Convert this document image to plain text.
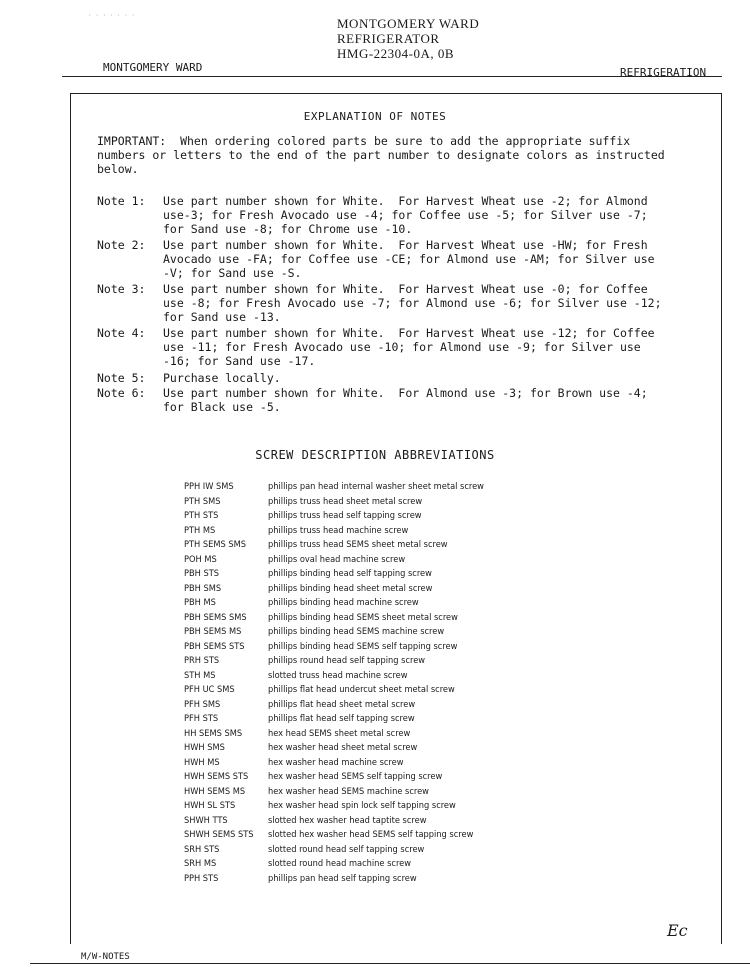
· · · · · · ·
MONTGOMERY WARD
REFRIGERATOR
HMG-22304-0A, 0B
MONTGOMERY WARD	REFRIGERATION
EXPLANATION OF NOTES
IMPORTANT:  When ordering colored parts be sure to add the appropriate suffix
numbers or letters to the end of the part number to designate colors as instructed
below.
Note 1: Use part number shown for White.  For Harvest Wheat use -2; for Almond
use-3; for Fresh Avocado use -4; for Coffee use -5; for Silver use -7;
for Sand use -8; for Chrome use -10.
Note 2: Use part number shown for White.  For Harvest Wheat use -HW; for Fresh
Avocado use -FA; for Coffee use -CE; for Almond use -AM; for Silver use
-V; for Sand use -S.
Note 3: Use part number shown for White.  For Harvest Wheat use -0; for Coffee
use -8; for Fresh Avocado use -7; for Almond use -6; for Silver use -12;
for Sand use -13.
Note 4: Use part number shown for White.  For Harvest Wheat use -12; for Coffee
use -11; for Fresh Avocado use -10; for Almond use -9; for Silver use
-16; for Sand use -17.
Note 5: Purchase locally.
Note 6: Use part number shown for White.  For Almond use -3; for Brown use -4;
for Black use -5.
SCREW DESCRIPTION ABBREVIATIONS
PPH IW SMS	phillips pan head internal washer sheet metal screw
PTH SMS	phillips truss head sheet metal screw
PTH STS	phillips truss head self tapping screw
PTH MS	phillips truss head machine screw
PTH SEMS SMS phillips truss head SEMS sheet metal screw
POH MS	phillips oval head machine screw
PBH STS	phillips binding head self tapping screw
PBH SMS	phillips binding head sheet metal screw
PBH MS	phillips binding head machine screw
PBH SEMS SMS phillips binding head SEMS sheet metal screw
PBH SEMS MS	phillips binding head SEMS machine screw
PBH SEMS STS	phillips binding head SEMS self tapping screw
PRH STS	phillips round head self tapping screw
STH MS	slotted truss head machine screw
PFH UC SMS	phillips flat head undercut sheet metal screw
PFH SMS	phillips flat head sheet metal screw
PFH STS	phillips flat head self tapping screw
HH SEMS SMS	hex head SEMS sheet metal screw
HWH SMS	hex washer head sheet metal screw
HWH MS	hex washer head machine screw
HWH SEMS STS hex washer head SEMS self tapping screw
HWH SEMS MS hex washer head SEMS machine screw
HWH SL STS	hex washer head spin lock self tapping screw
SHWH TTS	slotted hex washer head taptite screw
SHWH SEMS STS slotted hex washer head SEMS self tapping screw
SRH STS	slotted round head self tapping screw
SRH MS	slotted round head machine screw
PPH STS	phillips pan head self tapping screw
Ec
M/W-NOTES
